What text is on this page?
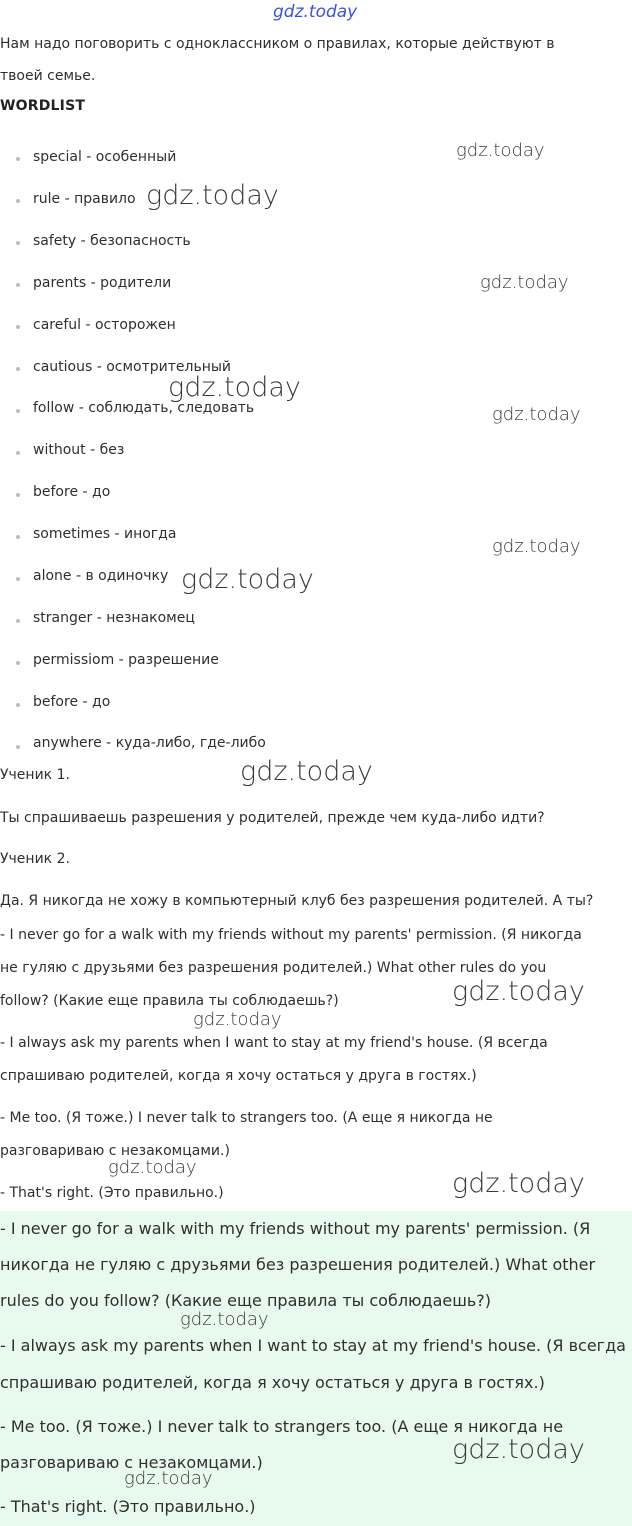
gdz.today
Нам надо поговорить с одноклассником о правилах, которые действуют в
твоей семье.
WORDLIST
special - особенный
rule - правило
safety - безопасность
parents - родители
careful - осторожен
cautious - осмотрительный
follow - соблюдать, следовать
without - без
before - до
sometimes - иногда
alone - в одиночку
stranger - незнакомец
permissiom - разрешение
before - до
anywhere - куда-либо, где-либо
Ученик 1.
Ты спрашиваешь разрешения у родителей, прежде чем куда-либо идти?
Ученик 2.
Да. Я никогда не хожу в компьютерный клуб без разрешения родителей. А ты?
- I never go for a walk with my friends without my parents' permission. (Я никогда
не гуляю с друзьями без разрешения родителей.) What other rules do you
follow? (Какие еще правила ты соблюдаешь?)
- I always ask my parents when I want to stay at my friend's house. (Я всегда
спрашиваю родителей, когда я хочу остаться у друга в гостях.)
- Me too. (Я тоже.) I never talk to strangers too. (А еще я никогда не
разговариваю с незакомцами.)
- That's right. (Это правильно.)
- I never go for a walk with my friends without my parents' permission. (Я
никогда не гуляю с друзьями без разрешения родителей.) What other
rules do you follow? (Какие еще правила ты соблюдаешь?)
- I always ask my parents when I want to stay at my friend's house. (Я всегда
спрашиваю родителей, когда я хочу остаться у друга в гостях.)
- Me too. (Я тоже.) I never talk to strangers too. (А еще я никогда не
разговариваю с незакомцами.)
- That's right. (Это правильно.)
gdz.today
gdz.today
gdz.today
gdz.today
gdz.today
gdz.today
gdz.today
gdz.today
gdz.today
gdz.today
gdz.today
gdz.today
gdz.today
gdz.today
gdz.today
